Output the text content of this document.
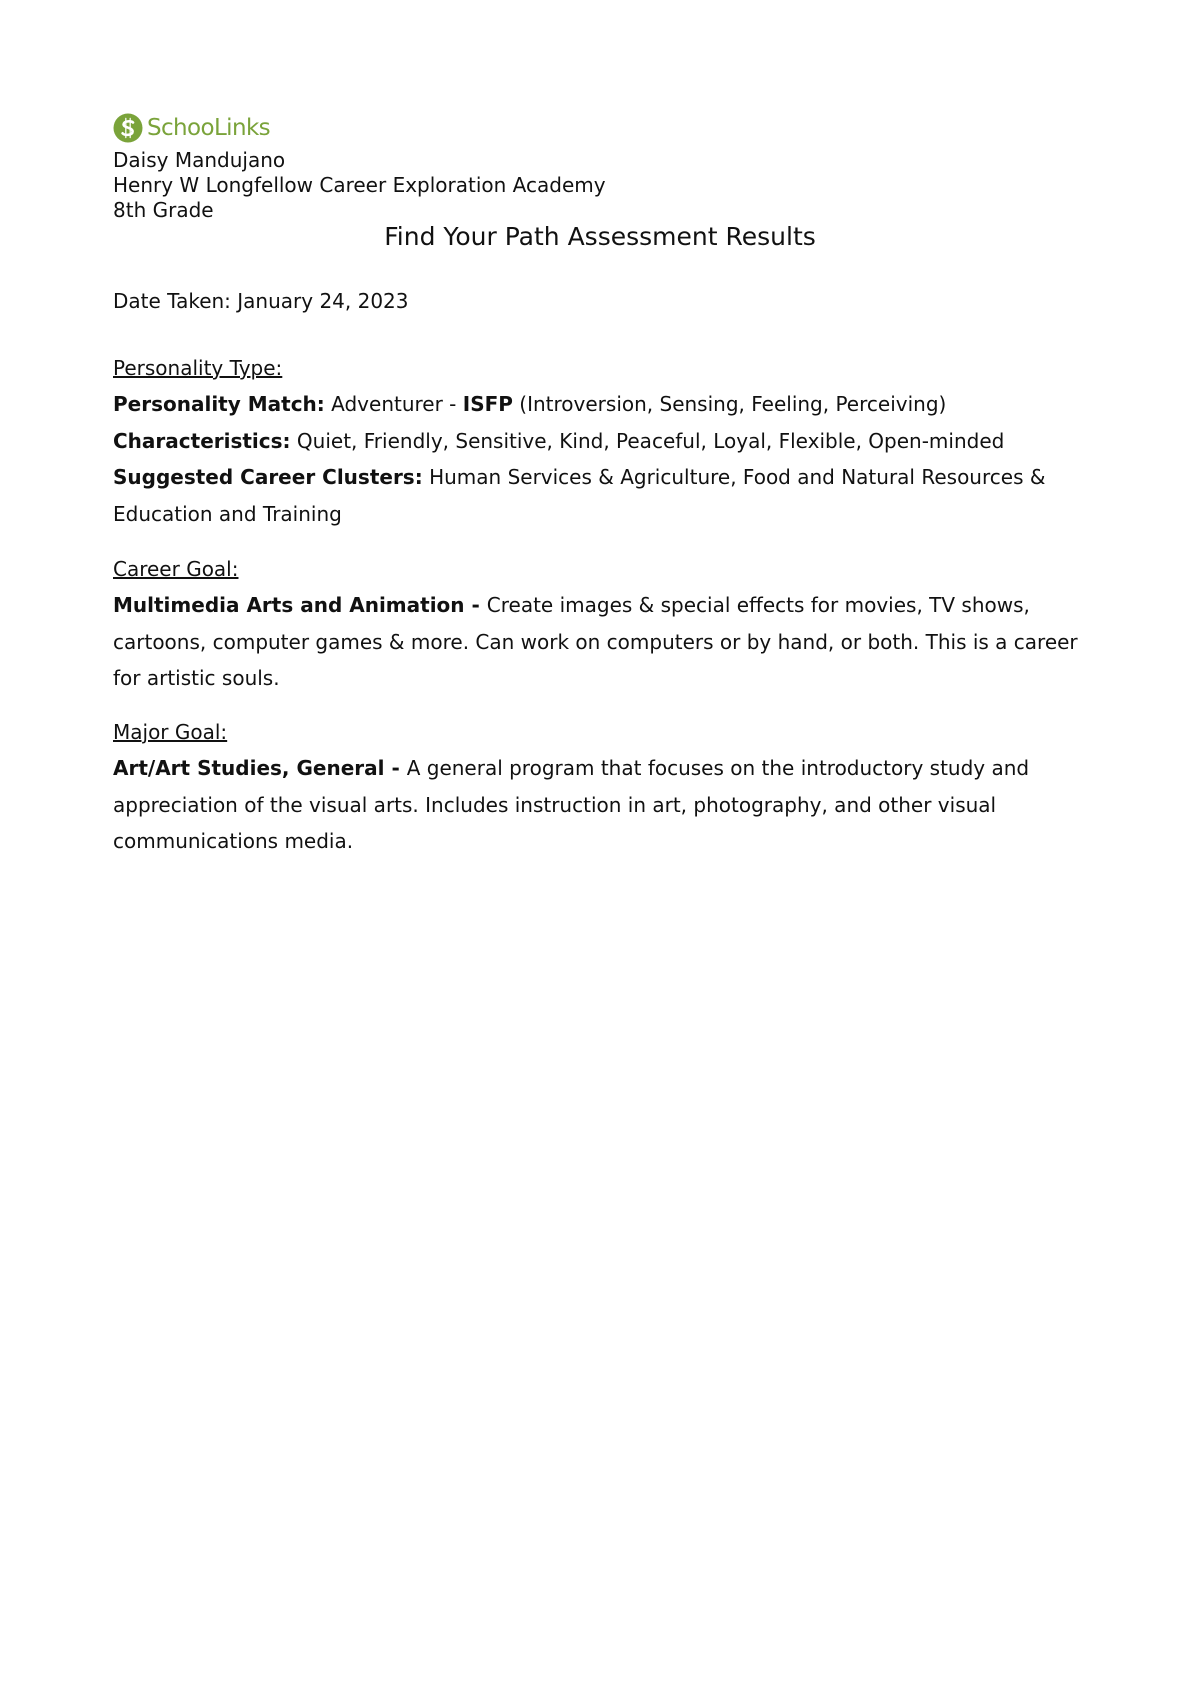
SchooLinks
Daisy Mandujano
Henry W Longfellow Career Exploration Academy
8th Grade
Find Your Path Assessment Results
Date Taken: January 24, 2023
Personality Type:
Personality Match: Adventurer - ISFP (Introversion, Sensing, Feeling, Perceiving)
Characteristics: Quiet, Friendly, Sensitive, Kind, Peaceful, Loyal, Flexible, Open-minded
Suggested Career Clusters: Human Services & Agriculture, Food and Natural Resources & Education and Training
Career Goal:
Multimedia Arts and Animation - Create images & special effects for movies, TV shows, cartoons, computer games & more. Can work on computers or by hand, or both. This is a career for artistic souls.
Major Goal:
Art/Art Studies, General - A general program that focuses on the introductory study and appreciation of the visual arts. Includes instruction in art, photography, and other visual communications media.
